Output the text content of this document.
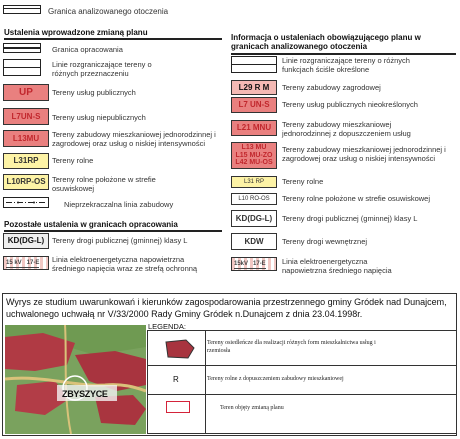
Granica analizowanego otoczenia
Ustalenia wprowadzone zmianą planu
Granica opracowania
Linie rozgraniczające tereny o różnych przeznaczeniu
UP	Tereny usług publicznych
L7UN-S	Tereny usług niepublicznych
L13MU	Tereny zabudowy mieszkaniowej jednorodzinnej i zagrodowej oraz usług o niskiej intensywności
L31RP	Tereny rolne
L10RP-OS Tereny rolne położone w strefie osuwiskowej
Nieprzekraczalna linia zabudowy
Pozostałe ustalenia w granicach opracowania
KD(DG-L)	Tereny drogi publicznej (gminnej) klasy L
15 kV   17-E Linia elektroenergetyczna napowietrzna średniego napięcia wraz ze strefą ochronną
Informacja o ustaleniach obowiązującego planu w granicach analizowanego otoczenia
Linie rozgraniczające tereny o różnych funkcjach ściśle określone
L29 R M	Tereny zabudowy zagrodowej
L7 UN-S	Tereny usług publicznych nieokreślonych
L21 MNU	Tereny zabudowy mieszkaniowej jednorodzinnej z dopuszczeniem usług
L13 MU
L15 MU-ZO
L42 MU-OS
Tereny zabudowy mieszkaniowej jednorodzinnej i zagrodowej oraz usług o niskiej intensywności
L31 RP	Tereny rolne
L10 RO-OS	Tereny rolne położone w strefie osuwiskowej
KD(DG-L)	Tereny drogi publicznej (gminnej) klasy L
KDW	Tereny drogi wewnętrznej
15kV   17-E Linia elektroenergetyczna napowietrzna średniego napięcia
Wyrys ze studium uwarunkowań i kierunków zagospodarowania przestrzennego gminy Gródek nad Dunajcem, uchwalonego uchwałą nr V/33/2000 Rady Gminy Gródek n.Dunajcem z dnia 23.04.1998r.
ZBYSZYCE
LEGENDA:
Tereny osiedleńcze dla realizacji różnych form mieszkalnictwa usług i rzemiosła
R	Tereny rolne z dopuszczeniem zabudowy mieszkaniowej
Teren objęty zmianą planu
